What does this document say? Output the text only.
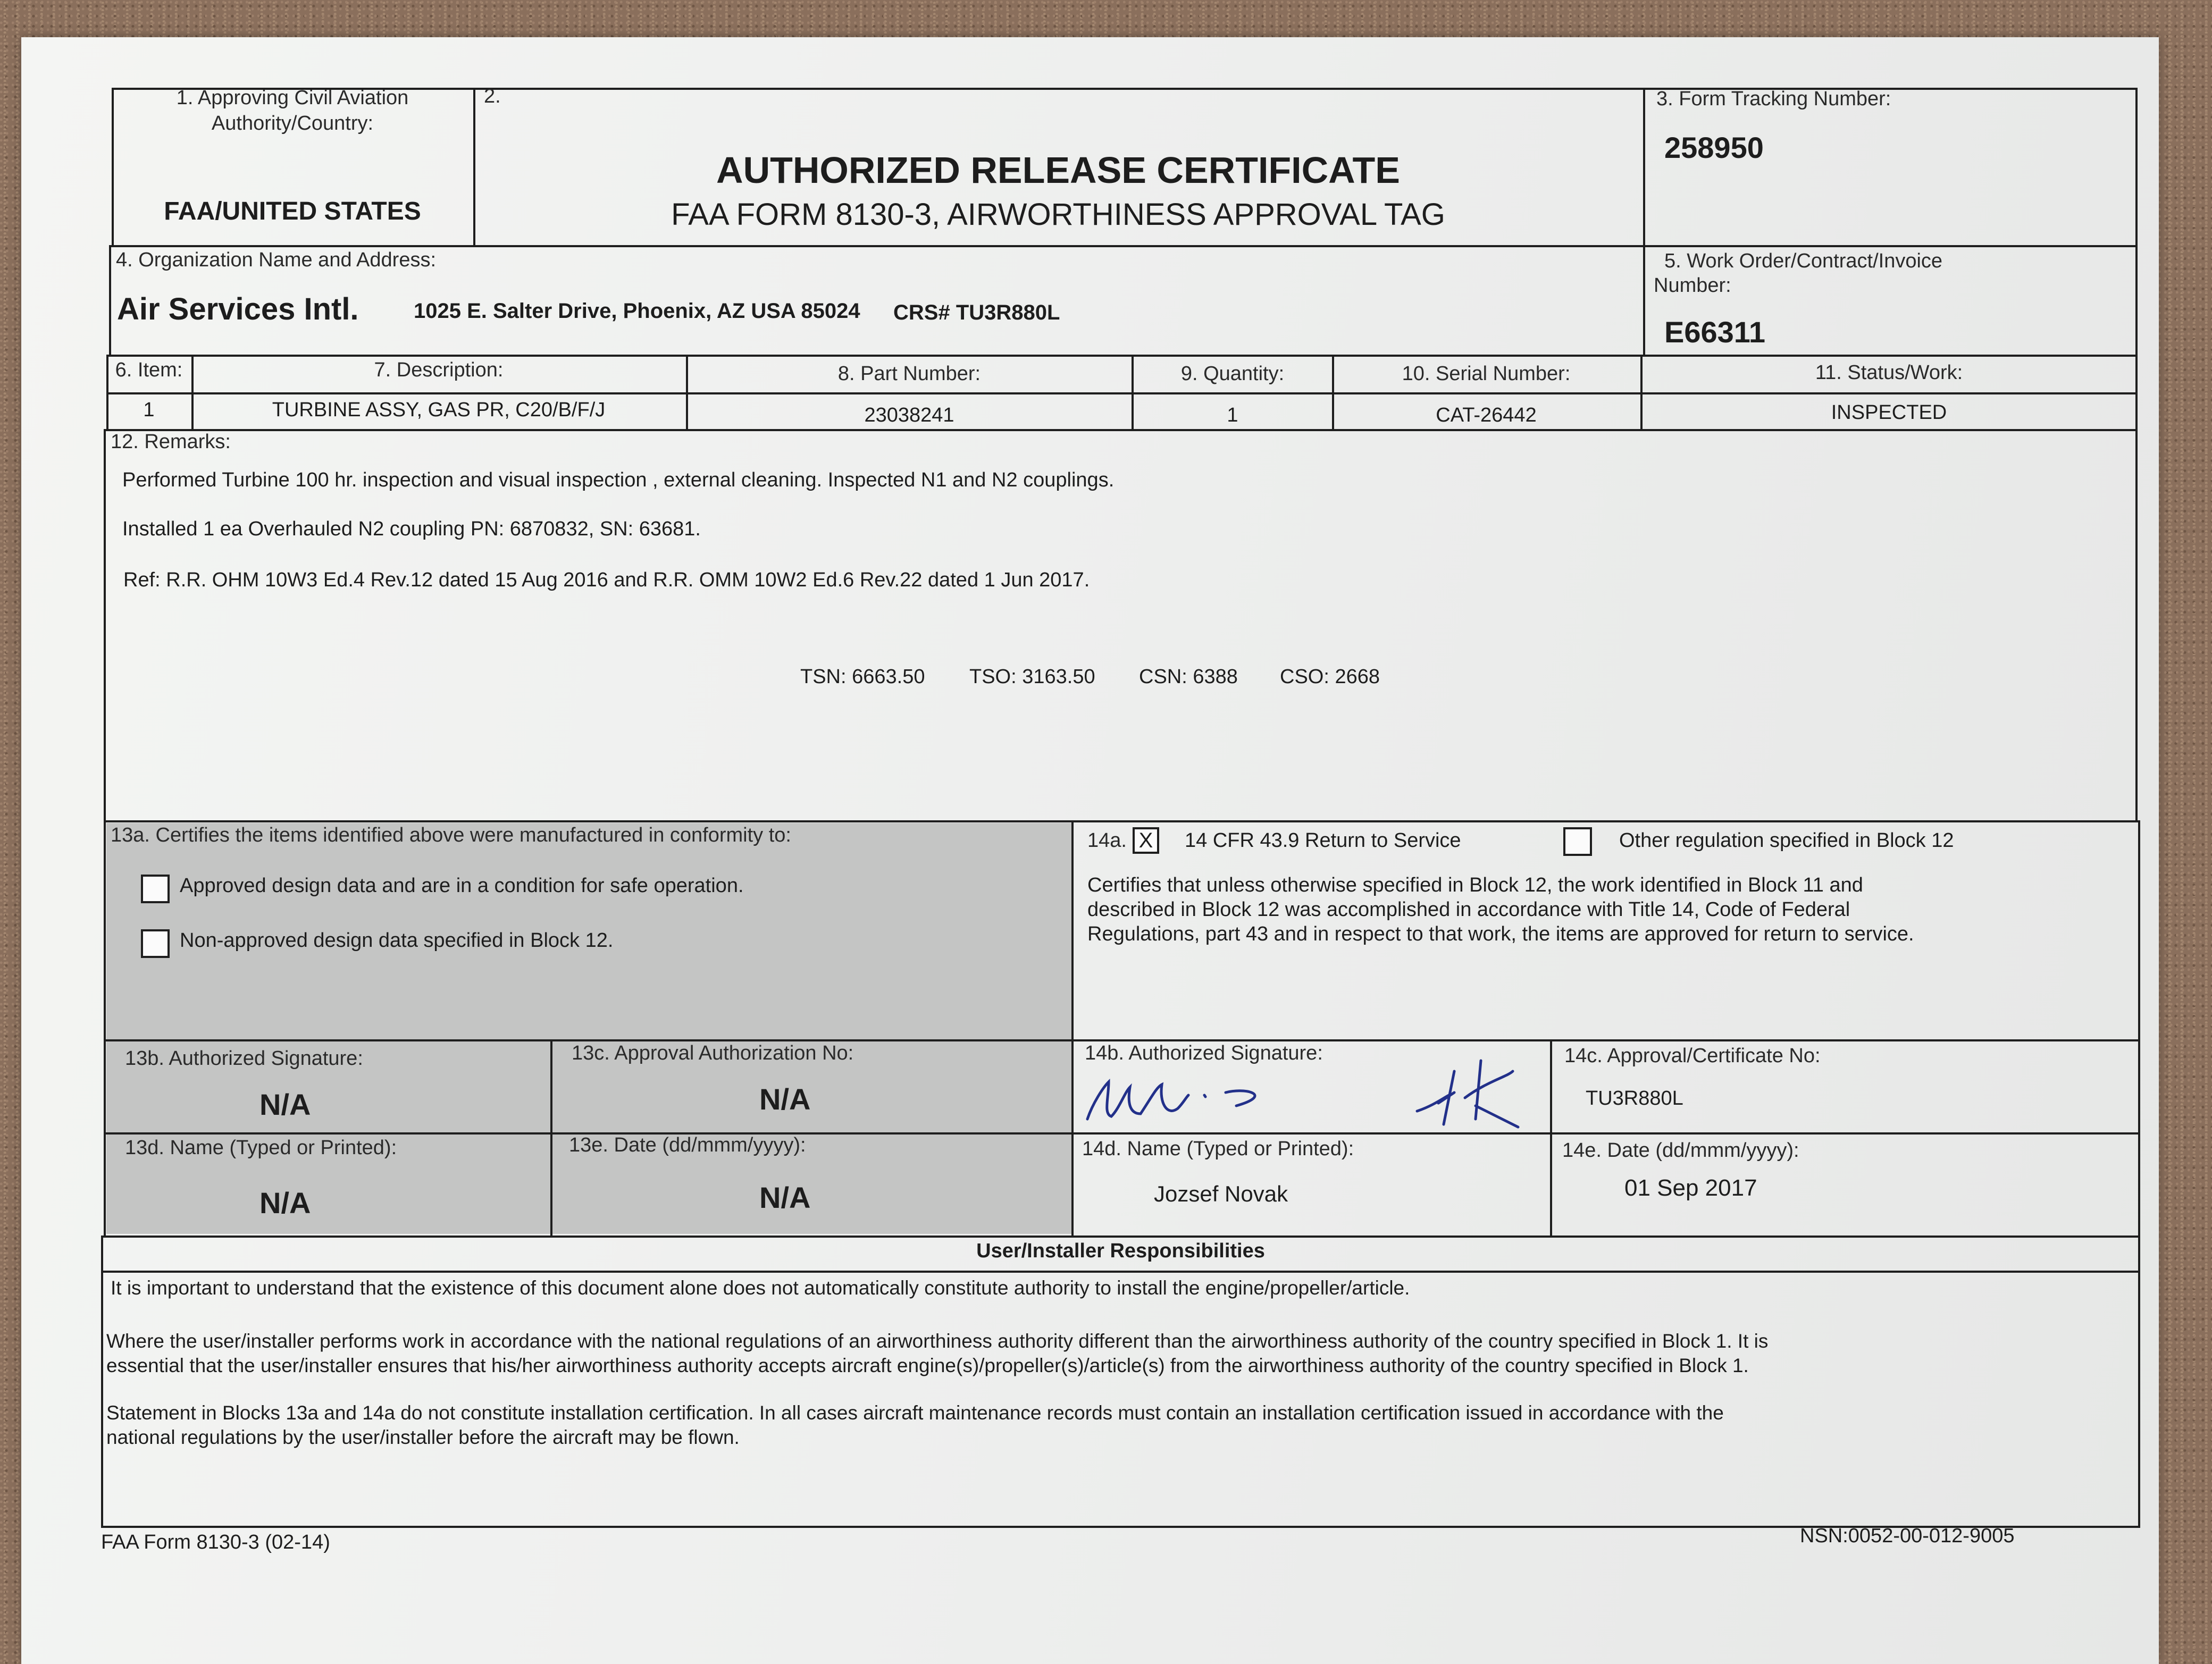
1. Approving Civil Aviation
Authority/Country:
FAA/UNITED STATES
2.
AUTHORIZED RELEASE CERTIFICATE
FAA FORM 8130-3, AIRWORTHINESS APPROVAL TAG
3. Form Tracking Number:
258950
4. Organization Name and Address:
Air Services Intl.	1025 E. Salter Drive, Phoenix, AZ USA 85024 CRS# TU3R880L
5. Work Order/Contract/Invoice
Number:
E66311
6. Item:	7. Description:	8. Part Number:	9. Quantity:	10. Serial Number:	11. Status/Work:
1	TURBINE ASSY, GAS PR, C20/B/F/J	23038241	1	CAT-26442	INSPECTED
12. Remarks:
Performed Turbine 100 hr. inspection and visual inspection , external cleaning. Inspected N1 and N2 couplings.
Installed 1 ea Overhauled N2 coupling PN: 6870832, SN: 63681.
Ref: R.R. OHM 10W3 Ed.4 Rev.12 dated 15 Aug 2016 and R.R. OMM 10W2 Ed.6 Rev.22 dated 1 Jun 2017.
TSN: 6663.50 TSO: 3163.50 CSN: 6388 CSO: 2668
13a. Certifies the items identified above were manufactured in conformity to:
Approved design data and are in a condition for safe operation.
Non-approved design data specified in Block 12.
14a. X	14 CFR 43.9 Return to Service	Other regulation specified in Block 12
Certifies that unless otherwise specified in Block 12, the work identified in Block 11 and
described in Block 12 was accomplished in accordance with Title 14, Code of Federal
Regulations, part 43 and in respect to that work, the items are approved for return to service.
13b. Authorized Signature:
N/A
13c. Approval Authorization No:
N/A
14b. Authorized Signature:	14c. Approval/Certificate No:
TU3R880L
13d. Name (Typed or Printed):
N/A
13e. Date (dd/mmm/yyyy):
N/A
14d. Name (Typed or Printed):
Jozsef Novak
14e. Date (dd/mmm/yyyy):
01 Sep 2017
User/Installer Responsibilities
It is important to understand that the existence of this document alone does not automatically constitute authority to install the engine/propeller/article.
Where the user/installer performs work in accordance with the national regulations of an airworthiness authority different than the airworthiness authority of the country specified in Block 1. It is
essential that the user/installer ensures that his/her airworthiness authority accepts aircraft engine(s)/propeller(s)/article(s) from the airworthiness authority of the country specified in Block 1.
Statement in Blocks 13a and 14a do not constitute installation certification. In all cases aircraft maintenance records must contain an installation certification issued in accordance with the
national regulations by the user/installer before the aircraft may be flown.
FAA Form 8130-3 (02-14)	NSN:0052-00-012-9005
